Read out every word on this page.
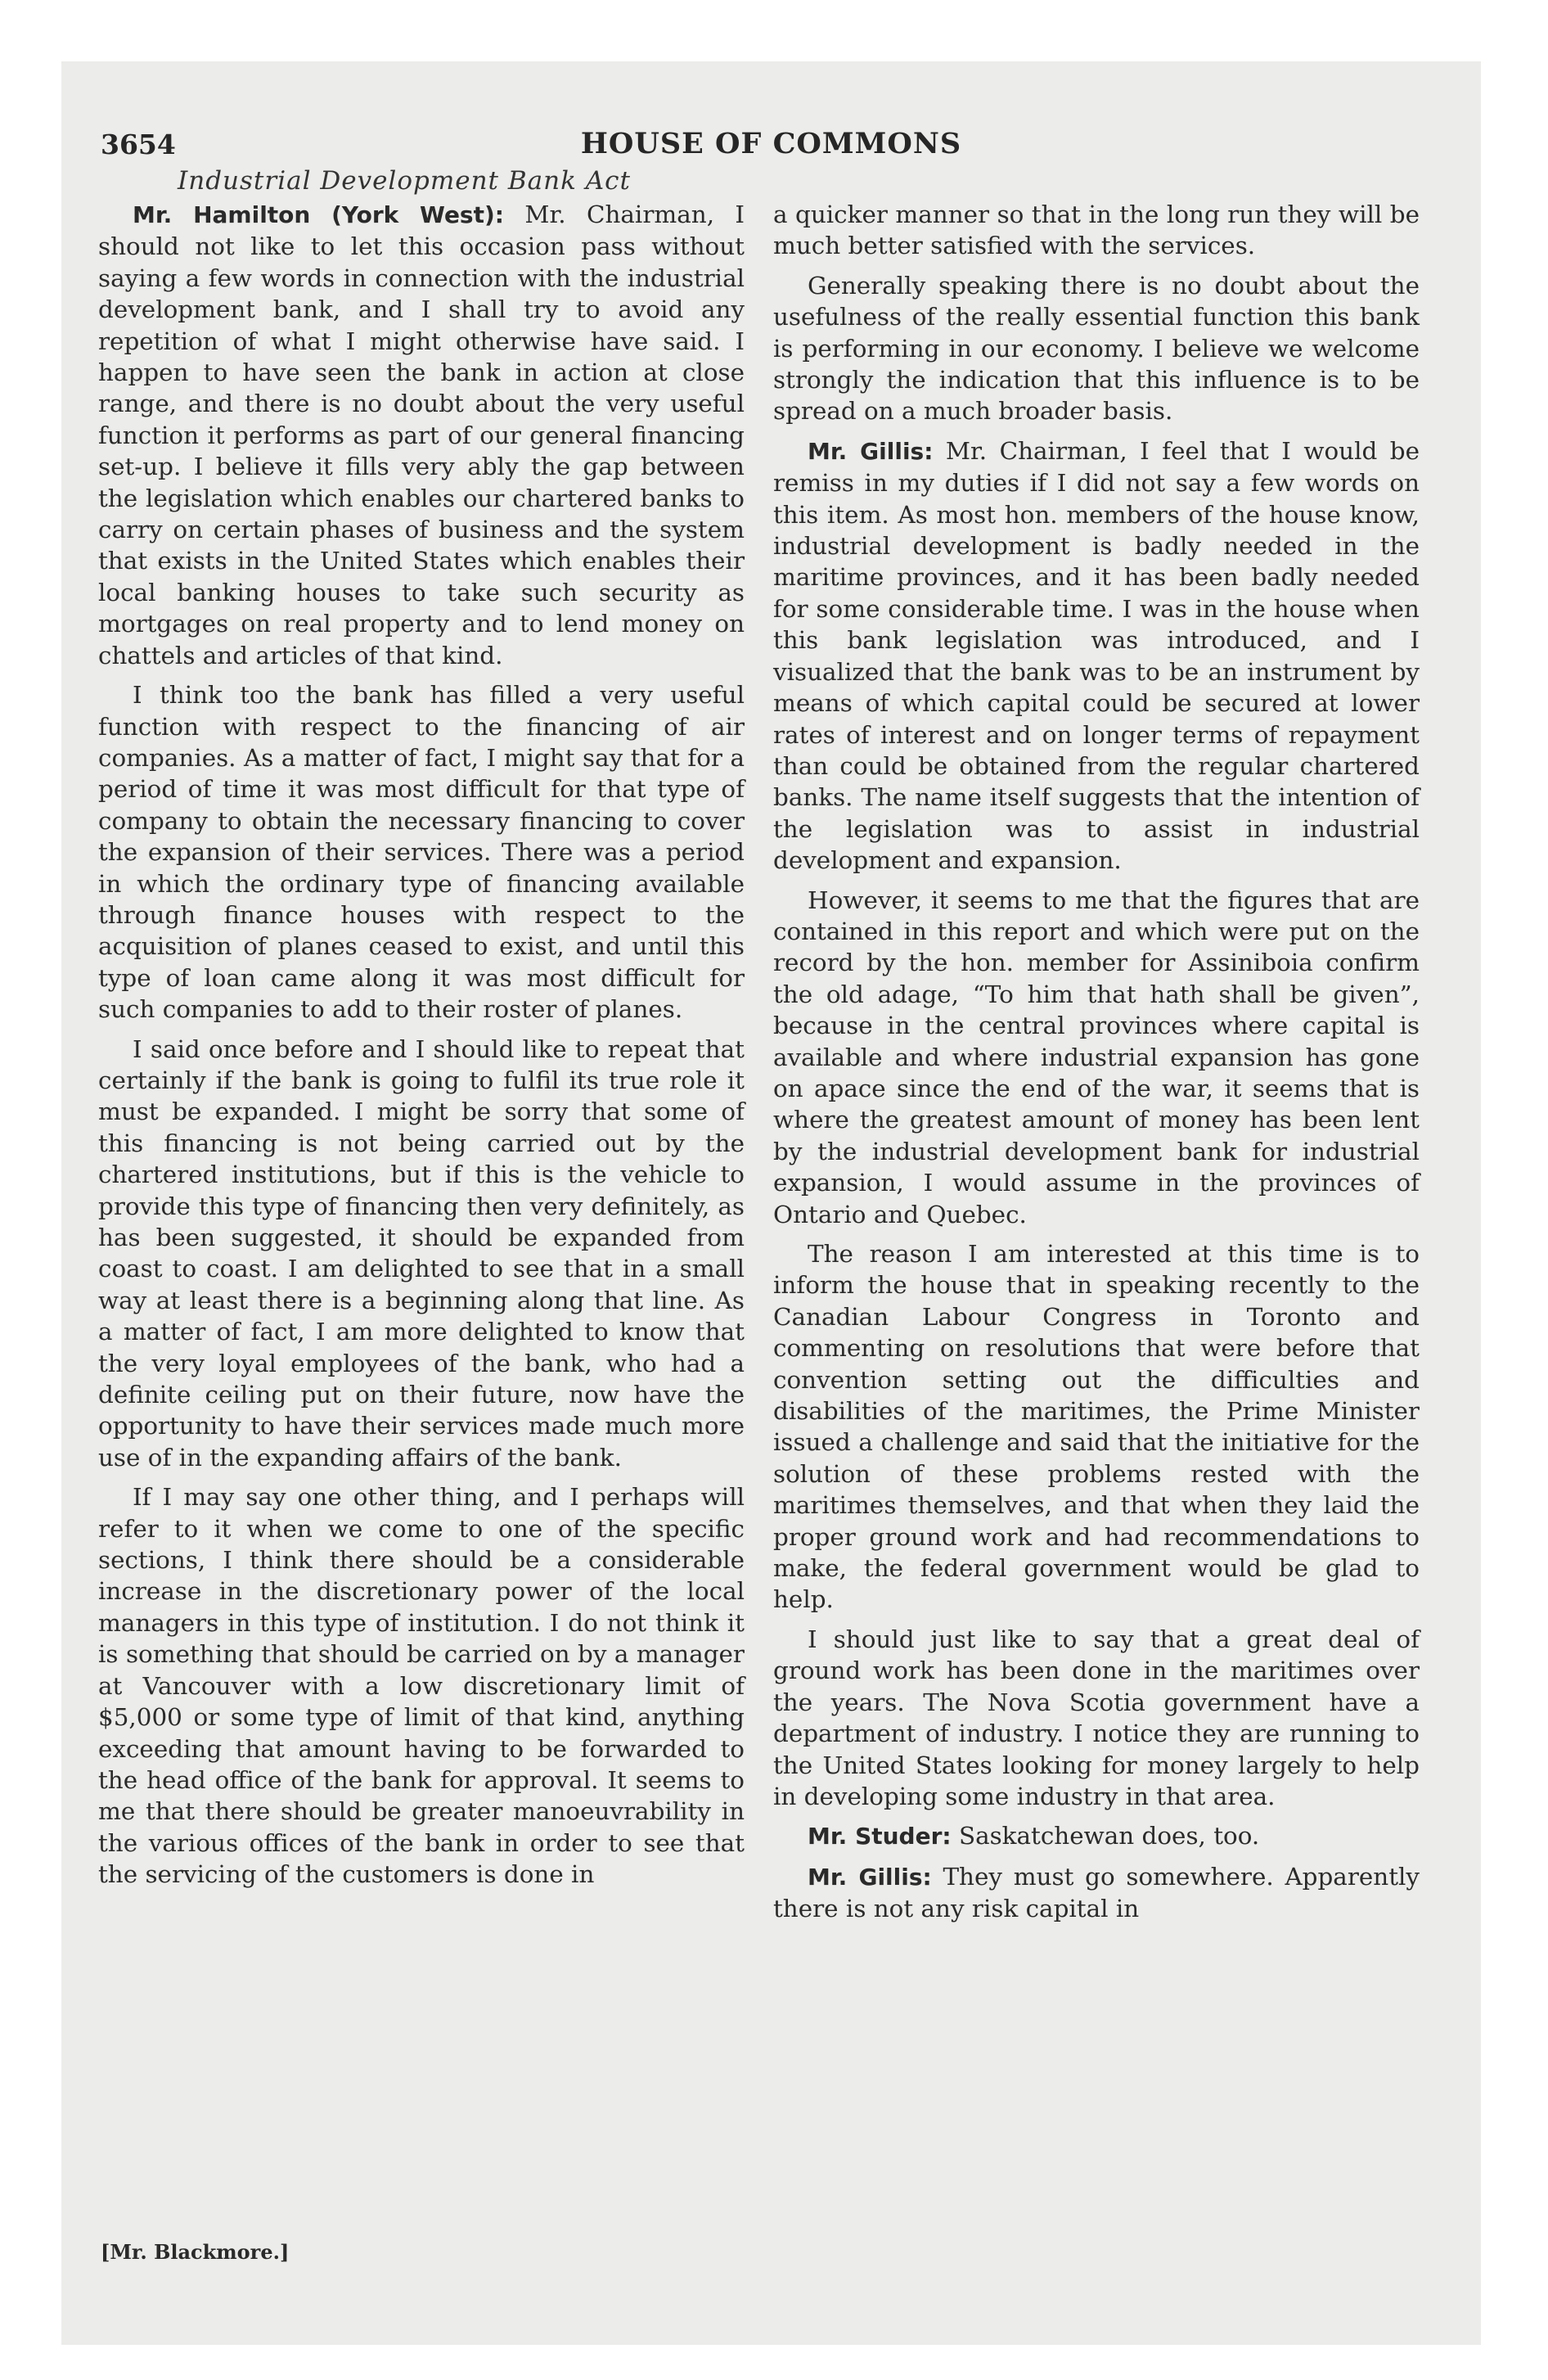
3654	HOUSE OF COMMONS
Industrial Development Bank Act

Mr. Hamilton (York West): Mr. Chairman, I should not like to let this occasion pass without saying a few words in connection with the industrial development bank, and I shall try to avoid any repetition of what I might otherwise have said. I happen to have seen the bank in action at close range, and there is no doubt about the very useful function it performs as part of our general financing set-up. I believe it fills very ably the gap between the legislation which enables our chartered banks to carry on certain phases of business and the system that exists in the United States which enables their local banking houses to take such security as mortgages on real property and to lend money on chattels and articles of that kind.

I think too the bank has filled a very useful function with respect to the financing of air companies. As a matter of fact, I might say that for a period of time it was most difficult for that type of company to obtain the necessary financing to cover the expansion of their services. There was a period in which the ordinary type of financing available through finance houses with respect to the acquisition of planes ceased to exist, and until this type of loan came along it was most difficult for such companies to add to their roster of planes.

I said once before and I should like to repeat that certainly if the bank is going to fulfil its true role it must be expanded. I might be sorry that some of this financing is not being carried out by the chartered institutions, but if this is the vehicle to provide this type of financing then very definitely, as has been suggested, it should be expanded from coast to coast. I am delighted to see that in a small way at least there is a beginning along that line. As a matter of fact, I am more delighted to know that the very loyal employees of the bank, who had a definite ceiling put on their future, now have the opportunity to have their services made much more use of in the expanding affairs of the bank.

If I may say one other thing, and I perhaps will refer to it when we come to one of the specific sections, I think there should be a considerable increase in the discretionary power of the local managers in this type of institution. I do not think it is something that should be carried on by a manager at Vancouver with a low discretionary limit of $5,000 or some type of limit of that kind, anything exceeding that amount having to be forwarded to the head office of the bank for approval. It seems to me that there should be greater manoeuvrability in the various offices of the bank in order to see that the servicing of the customers is done in

a quicker manner so that in the long run they will be much better satisfied with the services.

Generally speaking there is no doubt about the usefulness of the really essential function this bank is performing in our economy. I believe we welcome strongly the indication that this influence is to be spread on a much broader basis.

Mr. Gillis: Mr. Chairman, I feel that I would be remiss in my duties if I did not say a few words on this item. As most hon. members of the house know, industrial development is badly needed in the maritime provinces, and it has been badly needed for some considerable time. I was in the house when this bank legislation was introduced, and I visualized that the bank was to be an instrument by means of which capital could be secured at lower rates of interest and on longer terms of repayment than could be obtained from the regular chartered banks. The name itself suggests that the intention of the legislation was to assist in industrial development and expansion.

However, it seems to me that the figures that are contained in this report and which were put on the record by the hon. member for Assiniboia confirm the old adage, “To him that hath shall be given”, because in the central provinces where capital is available and where industrial expansion has gone on apace since the end of the war, it seems that is where the greatest amount of money has been lent by the industrial development bank for industrial expansion, I would assume in the provinces of Ontario and Quebec.

The reason I am interested at this time is to inform the house that in speaking recently to the Canadian Labour Congress in Toronto and commenting on resolutions that were before that convention setting out the difficulties and disabilities of the maritimes, the Prime Minister issued a challenge and said that the initiative for the solution of these problems rested with the maritimes themselves, and that when they laid the proper ground work and had recommendations to make, the federal government would be glad to help.

I should just like to say that a great deal of ground work has been done in the maritimes over the years. The Nova Scotia government have a department of industry. I notice they are running to the United States looking for money largely to help in developing some industry in that area.

Mr. Studer: Saskatchewan does, too.

Mr. Gillis: They must go somewhere. Apparently there is not any risk capital in

[Mr. Blackmore.]
